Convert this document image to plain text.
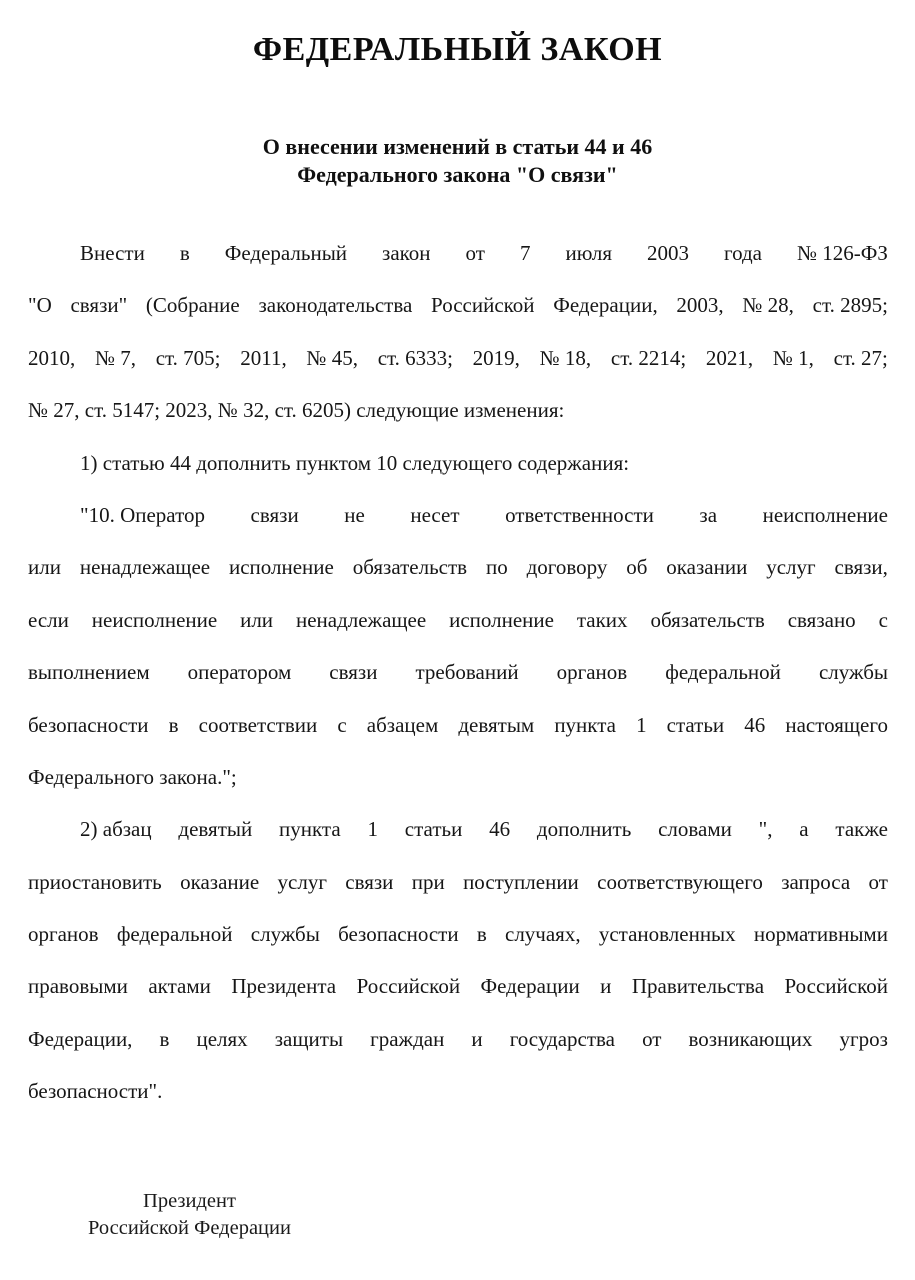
ФЕДЕРАЛЬНЫЙ ЗАКОН
О внесении изменений в статьи 44 и 46
Федерального закона "О связи"
Внести в Федеральный закон от 7 июля 2003 года № 126-ФЗ
"О связи" (Собрание законодательства Российской Федерации, 2003, № 28, ст. 2895;
2010, № 7, ст. 705; 2011, № 45, ст. 6333; 2019, № 18, ст. 2214; 2021, № 1, ст. 27;
№ 27, ст. 5147; 2023, № 32, ст. 6205) следующие изменения:
1) статью 44 дополнить пунктом 10 следующего содержания:
"10. Оператор связи не несет ответственности за неисполнение
или ненадлежащее исполнение обязательств по договору об оказании услуг связи,
если неисполнение или ненадлежащее исполнение таких обязательств связано с
выполнением оператором связи требований органов федеральной службы
безопасности в соответствии с абзацем девятым пункта 1 статьи 46 настоящего
Федерального закона.";
2) абзац девятый пункта 1 статьи 46 дополнить словами ", а также
приостановить оказание услуг связи при поступлении соответствующего запроса от
органов федеральной службы безопасности в случаях, установленных нормативными
правовыми актами Президента Российской Федерации и Правительства Российской
Федерации, в целях защиты граждан и государства от возникающих угроз
безопасности".
Президент
Российской Федерации
